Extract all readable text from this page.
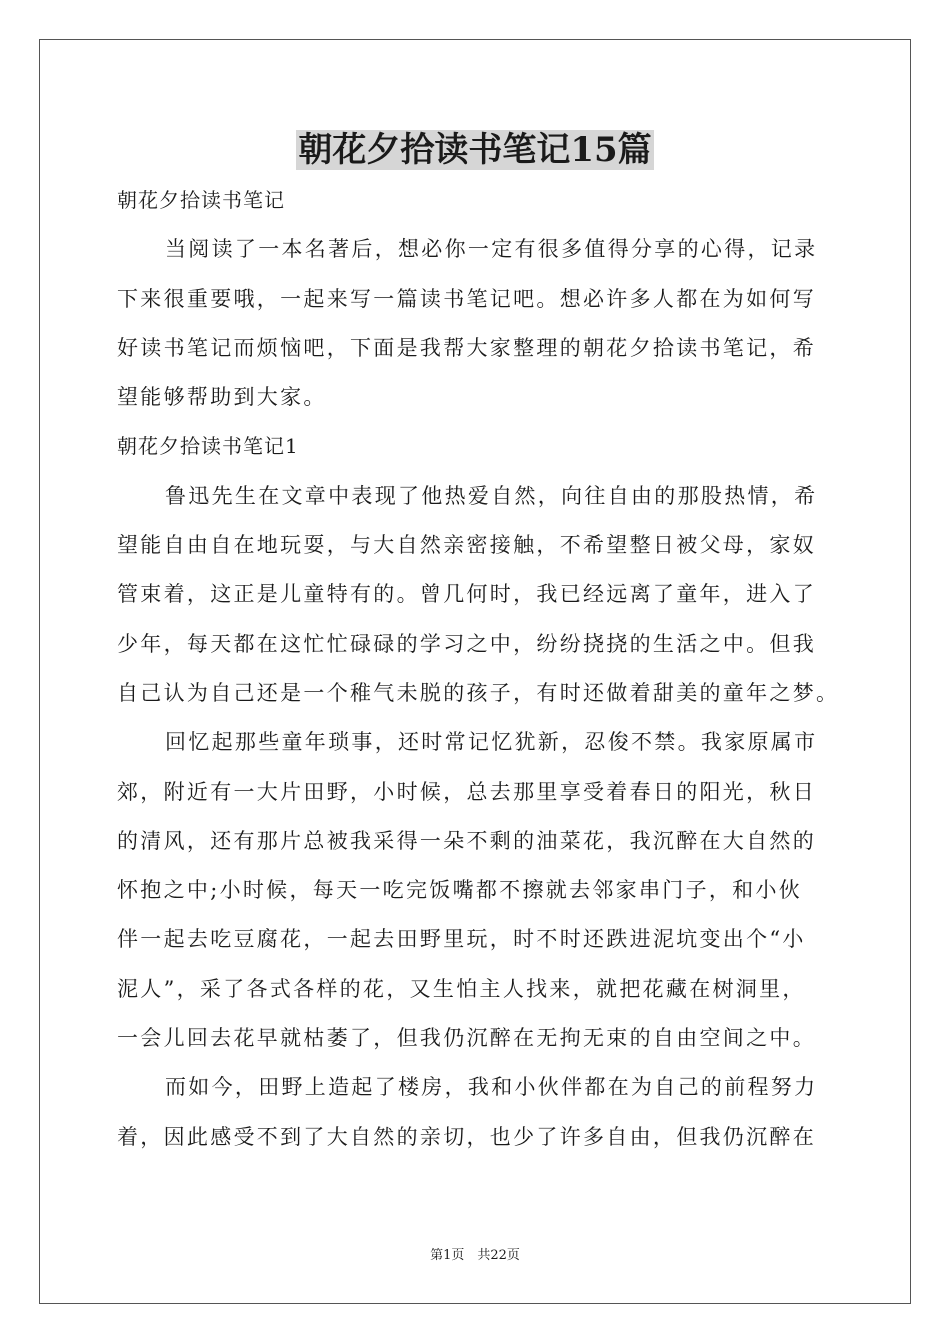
朝花夕拾读书笔记15篇
朝花夕拾读书笔记
当阅读了一本名著后，想必你一定有很多值得分享的心得，记录
下来很重要哦，一起来写一篇读书笔记吧。想必许多人都在为如何写
好读书笔记而烦恼吧，下面是我帮大家整理的朝花夕拾读书笔记，希
望能够帮助到大家。
朝花夕拾读书笔记1
鲁迅先生在文章中表现了他热爱自然，向往自由的那股热情，希
望能自由自在地玩耍，与大自然亲密接触，不希望整日被父母，家奴
管束着，这正是儿童特有的。曾几何时，我已经远离了童年，进入了
少年，每天都在这忙忙碌碌的学习之中，纷纷挠挠的生活之中。但我
自己认为自己还是一个稚气未脱的孩子，有时还做着甜美的童年之梦。
回忆起那些童年琐事，还时常记忆犹新，忍俊不禁。我家原属市
郊，附近有一大片田野，小时候，总去那里享受着春日的阳光，秋日
的清风，还有那片总被我采得一朵不剩的油菜花，我沉醉在大自然的
怀抱之中;小时候，每天一吃完饭嘴都不擦就去邻家串门子，和小伙
伴一起去吃豆腐花，一起去田野里玩，时不时还跌进泥坑变出个“小
泥人”，采了各式各样的花，又生怕主人找来，就把花藏在树洞里，
一会儿回去花早就枯萎了，但我仍沉醉在无拘无束的自由空间之中。
而如今，田野上造起了楼房，我和小伙伴都在为自己的前程努力
着，因此感受不到了大自然的亲切，也少了许多自由，但我仍沉醉在
第1页　共22页
